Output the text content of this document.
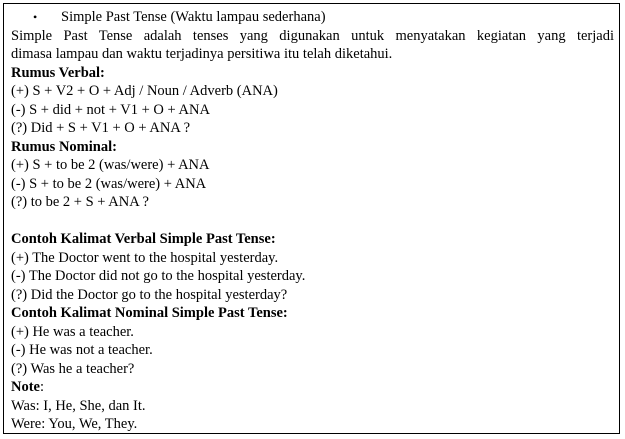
• Simple Past Tense (Waktu lampau sederhana)
Simple Past Tense adalah tenses yang digunakan untuk menyatakan kegiatan yang terjadi
dimasa lampau dan waktu terjadinya persitiwa itu telah diketahui.
Rumus Verbal:
(+) S + V2 + O + Adj / Noun / Adverb (ANA)
(-) S + did + not + V1 + O + ANA
(?) Did + S + V1 + O + ANA ?
Rumus Nominal:
(+) S + to be 2 (was/were) + ANA
(-) S + to be 2 (was/were) + ANA
(?) to be 2 + S + ANA ?
Contoh Kalimat Verbal Simple Past Tense:
(+) The Doctor went to the hospital yesterday.
(-) The Doctor did not go to the hospital yesterday.
(?) Did the Doctor go to the hospital yesterday?
Contoh Kalimat Nominal Simple Past Tense:
(+) He was a teacher.
(-) He was not a teacher.
(?) Was he a teacher?
Note:
Was: I, He, She, dan It.
Were: You, We, They.
